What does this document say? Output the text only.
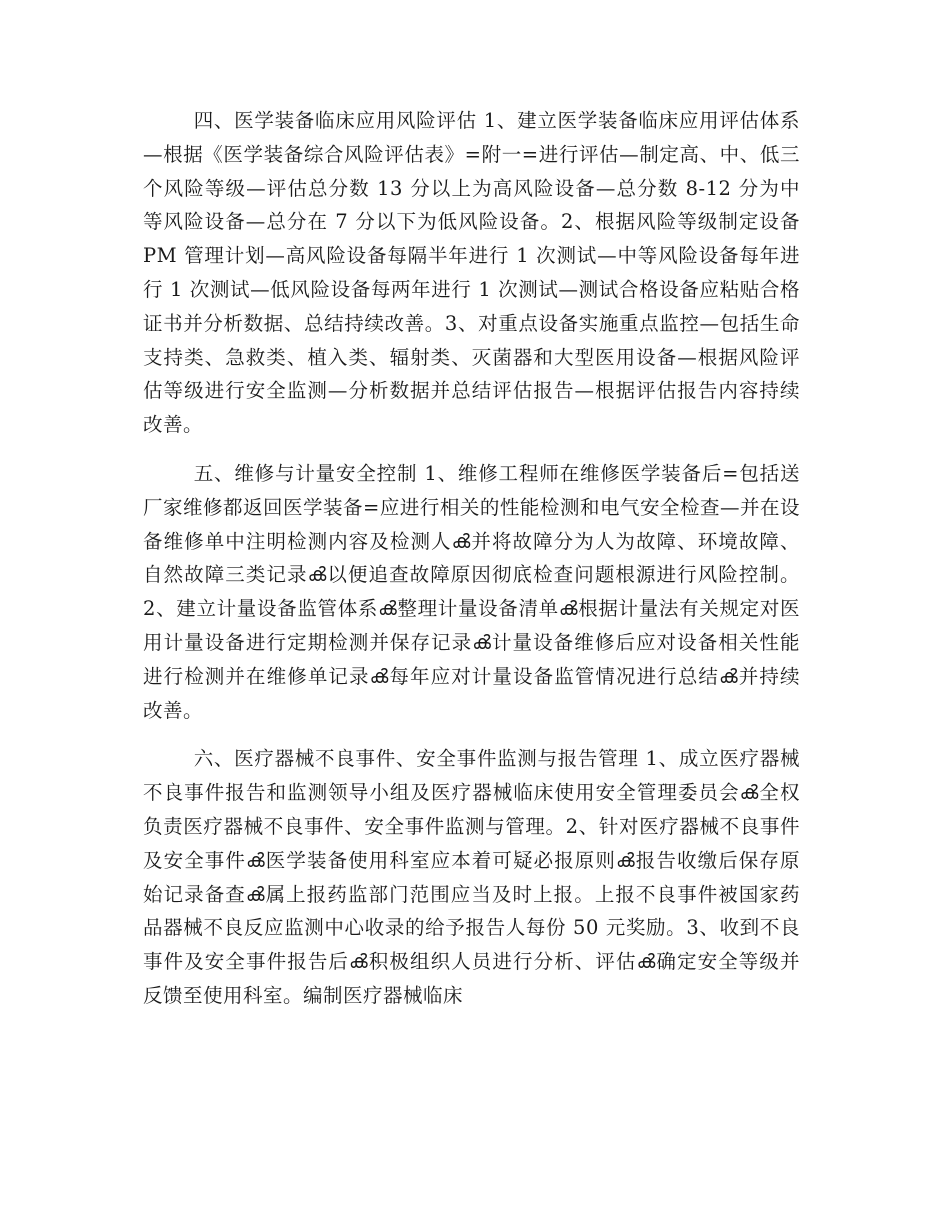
四、医学装备临床应用风险评估 1、建立医学装备临床应用评估体系—根据《医学装备综合风险评估表》=附一=进行评估—制定高、中、低三个风险等级—评估总分数 13 分以上为高风险设备—总分数 8-12 分为中等风险设备—总分在 7 分以下为低风险设备。2、根据风险等级制定设备 PM 管理计划—高风险设备每隔半年进行 1 次测试—中等风险设备每年进行 1 次测试—低风险设备每两年进行 1 次测试—测试合格设备应粘贴合格证书并分析数据、总结持续改善。3、对重点设备实施重点监控—包括生命支持类、急救类、植入类、辐射类、灭菌器和大型医用设备—根据风险评估等级进行安全监测—分析数据并总结评估报告—根据评估报告内容持续改善。

五、维修与计量安全控制 1、维修工程师在维修医学装备后=包括送厂家维修都返回医学装备=应进行相关的性能检测和电气安全检查—并在设备维修单中注明检测内容及检测人ൿ并将故障分为人为故障、环境故障、自然故障三类记录ൿ以便追查故障原因彻底检查问题根源进行风险控制。2、建立计量设备监管体系ൿ整理计量设备清单ൿ根据计量法有关规定对医用计量设备进行定期检测并保存记录ൿ计量设备维修后应对设备相关性能进行检测并在维修单记录ൿ每年应对计量设备监管情况进行总结ൿ并持续改善。

六、医疗器械不良事件、安全事件监测与报告管理 1、成立医疗器械不良事件报告和监测领导小组及医疗器械临床使用安全管理委员会ൿ全权负责医疗器械不良事件、安全事件监测与管理。2、针对医疗器械不良事件及安全事件ൿ医学装备使用科室应本着可疑必报原则ൿ报告收缴后保存原始记录备查ൿ属上报药监部门范围应当及时上报。上报不良事件被国家药品器械不良反应监测中心收录的给予报告人每份 50 元奖励。3、收到不良事件及安全事件报告后ൿ积极组织人员进行分析、评估ൿ确定安全等级并反馈至使用科室。编制医疗器械临床
